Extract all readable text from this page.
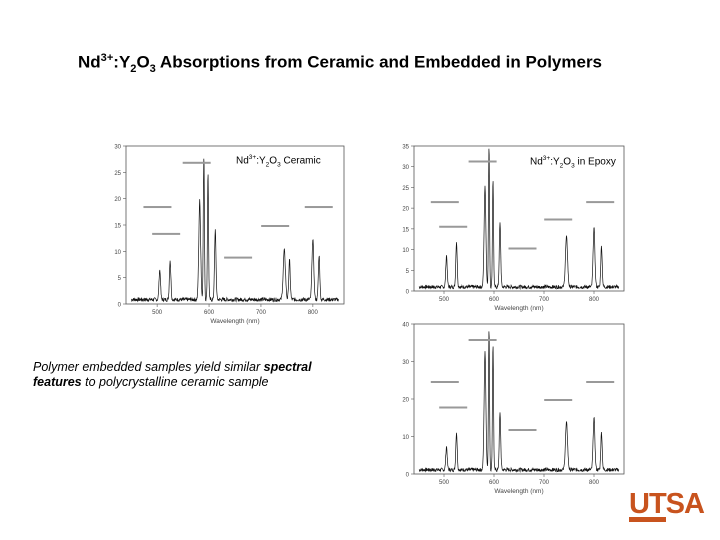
$Nd^{3+}:Y_2O_3$ Absorptions from Ceramic and Embedded in Polymers
30
25
20
15
10
5
0
500	600	700	800
Wavelength (nm)
$Nd^{3+}:Y_2O_3$ Ceramic
35
30
25
20
15
10
5
0
500	600	700	800
Wavelength (nm)
$Nd^{3+}:Y_2O_3$ in Epoxy
40
30
20
10
0
500	600	700	800
Wavelength (nm)
Polymer embedded samples yield similar spectral features to polycrystalline ceramic sample
UTSA
